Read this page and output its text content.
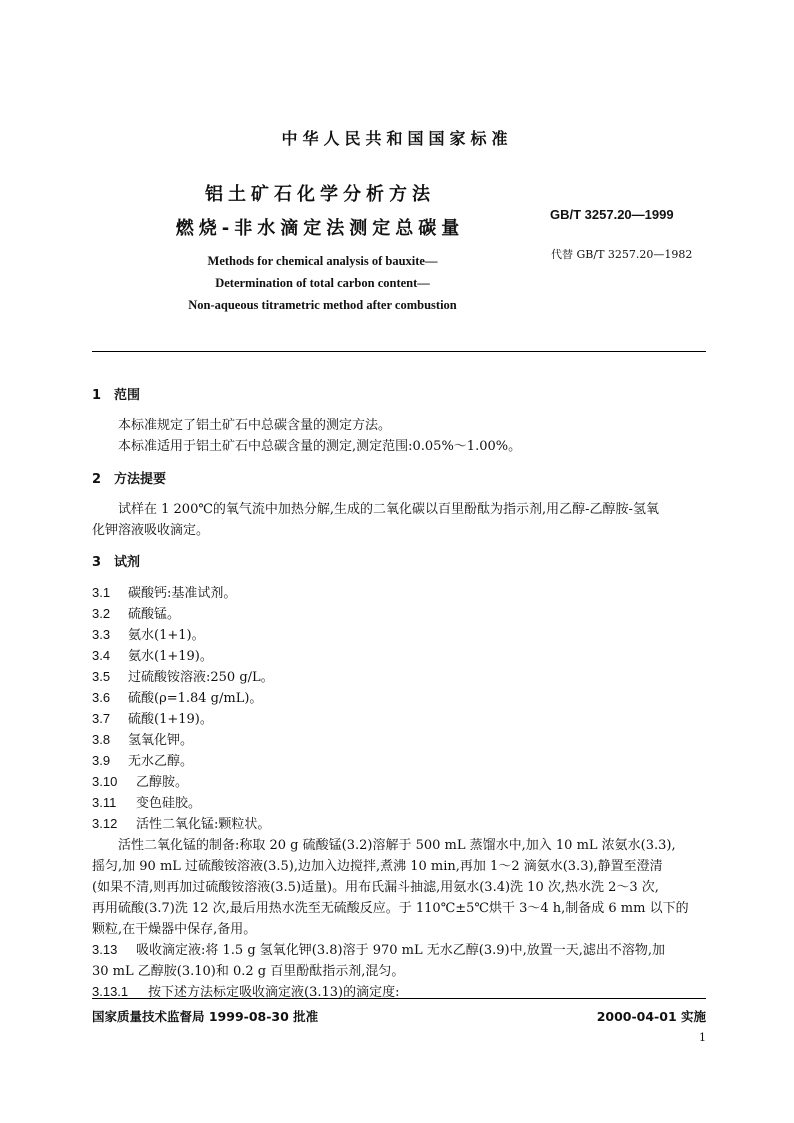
中华人民共和国国家标准
铝土矿石化学分析方法
燃烧-非水滴定法测定总碳量
GB/T 3257.20—1999
代替 GB/T 3257.20—1982
Methods for chemical analysis of bauxite—
Determination of total carbon content—
Non-aqueous titrametric method after combustion
1 范围
本标准规定了铝土矿石中总碳含量的测定方法。
本标准适用于铝土矿石中总碳含量的测定,测定范围:0.05%～1.00%。
2 方法提要
试样在 1 200℃的氧气流中加热分解,生成的二氧化碳以百里酚酞为指示剂,用乙醇-乙醇胺-氢氧
化钾溶液吸收滴定。
3 试剂
3.1 碳酸钙:基准试剂。
3.2 硫酸锰。
3.3 氨水(1+1)。
3.4 氨水(1+19)。
3.5 过硫酸铵溶液:250 g/L。
3.6 硫酸(ρ=1.84 g/mL)。
3.7 硫酸(1+19)。
3.8 氢氧化钾。
3.9 无水乙醇。
3.10 乙醇胺。
3.11 变色硅胶。
3.12 活性二氧化锰:颗粒状。
活性二氧化锰的制备:称取 20 g 硫酸锰(3.2)溶解于 500 mL 蒸馏水中,加入 10 mL 浓氨水(3.3),
摇匀,加 90 mL 过硫酸铵溶液(3.5),边加入边搅拌,煮沸 10 min,再加 1～2 滴氨水(3.3),静置至澄清
(如果不清,则再加过硫酸铵溶液(3.5)适量)。用布氏漏斗抽滤,用氨水(3.4)洗 10 次,热水洗 2～3 次,
再用硫酸(3.7)洗 12 次,最后用热水洗至无硫酸反应。于 110℃±5℃烘干 3～4 h,制备成 6 mm 以下的
颗粒,在干燥器中保存,备用。
3.13 吸收滴定液:将 1.5 g 氢氧化钾(3.8)溶于 970 mL 无水乙醇(3.9)中,放置一天,滤出不溶物,加
30 mL 乙醇胺(3.10)和 0.2 g 百里酚酞指示剂,混匀。
3.13.1 按下述方法标定吸收滴定液(3.13)的滴定度:
国家质量技术监督局 1999-08-30 批准	2000-04-01 实施
1
